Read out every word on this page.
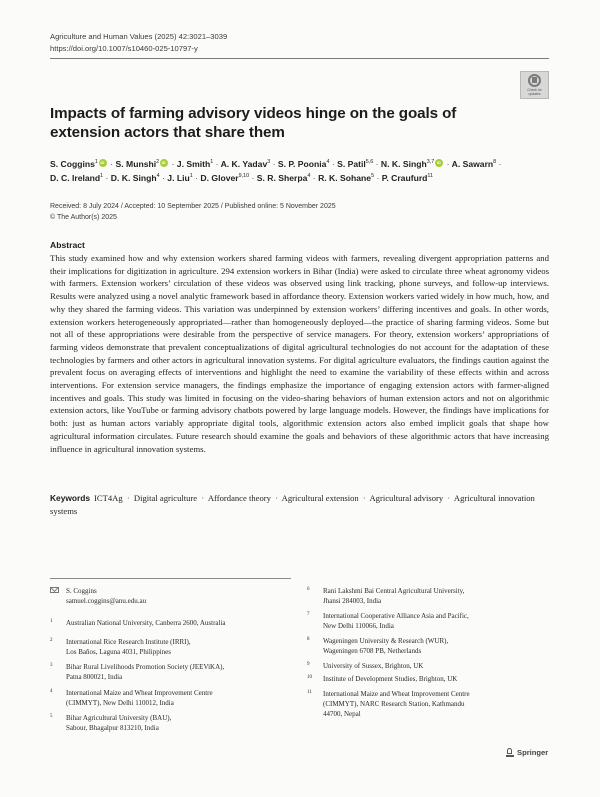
Agriculture and Human Values (2025) 42:3021–3039
https://doi.org/10.1007/s10460-025-10797-y
Check for
updates
Impacts of farming advisory videos hinge on the goals of extension actors that share them
S. Coggins$^1$ iD · S. Munshi$^2$ iD · J. Smith$^1$ · A. K. Yadav$^3$ · S. P. Poonia$^4$ · S. Patil$^{5,6}$ · N. K. Singh$^{3,7}$ iD · A. Sawarn$^8$ ·
D. C. Ireland$^1$ · D. K. Singh$^4$ · J. Liu$^1$ · D. Glover$^{9,10}$ · S. R. Sherpa$^4$ · R. K. Sohane$^5$ · P. Craufurd$^{11}$
Received: 8 July 2024 / Accepted: 10 September 2025 / Published online: 5 November 2025
© The Author(s) 2025
Abstract

This study examined how and why extension workers shared farming videos with farmers, revealing divergent appropriation patterns and their implications for digitization in agriculture. 294 extension workers in Bihar (India) were asked to circulate three wheat agronomy videos with farmers. Extension workers’ circulation of these videos was observed using link tracking, phone surveys, and follow-up interviews. Results were analyzed using a novel analytic framework based in affordance theory. Extension workers varied widely in how much, how, and why they shared the farming videos. This variation was underpinned by extension workers’ differing incentives and goals. In other words, extension workers heterogeneously appropriated—rather than homogeneously deployed—the practice of sharing farming videos. Some but not all of these appropriations were desirable from the perspective of service managers. For theory, extension workers’ appropriations of farming videos demonstrate that prevalent conceptualizations of digital agricultural technologies do not account for the adaptation of these technologies by farmers and other actors in agricultural innovation systems. For digital agriculture evaluators, the findings caution against the prevalent focus on averaging effects of interventions and highlight the need to examine the variability of these effects within and across interventions. For extension service managers, the findings emphasize the importance of engaging extension actors with farmer-aligned incentives and goals. This study was limited in focusing on the video-sharing behaviors of human extension actors and not on algorithmic extension actors, like YouTube or farming advisory chatbots powered by large language models. However, the findings have implications for both: just as human actors variably appropriate digital tools, algorithmic extension actors also embed implicit goals that shape how agricultural information circulates. Future research should examine the goals and behaviors of these algorithmic actors that have increasing influence in agricultural innovation systems.

Keywords ICT4Ag · Digital agriculture · Affordance theory · Agricultural extension · Agricultural advisory · Agricultural innovation systems
S. Coggins
samuel.coggins@anu.edu.au
1 Australian National University, Canberra 2600, Australia
2 International Rice Research Institute (IRRI),
Los Baños, Laguna 4031, Philippines
3 Bihar Rural Livelihoods Promotion Society (JEEViKA),
Patna 800021, India
4 International Maize and Wheat Improvement Centre
(CIMMYT), New Delhi 110012, India
5 Bihar Agricultural University (BAU),
Sabour, Bhagalpur 813210, India
6 Rani Lakshmi Bai Central Agricultural University,
Jhansi 284003, India
7 International Cooperative Alliance Asia and Pacific,
New Delhi 110066, India
8 Wageningen University & Research (WUR),
Wageningen 6708 PB, Netherlands
9 University of Sussex, Brighton, UK
10 Institute of Development Studies, Brighton, UK
11 International Maize and Wheat Improvement Centre
(CIMMYT), NARC Research Station, Kathmandu
44700, Nepal
Springer
